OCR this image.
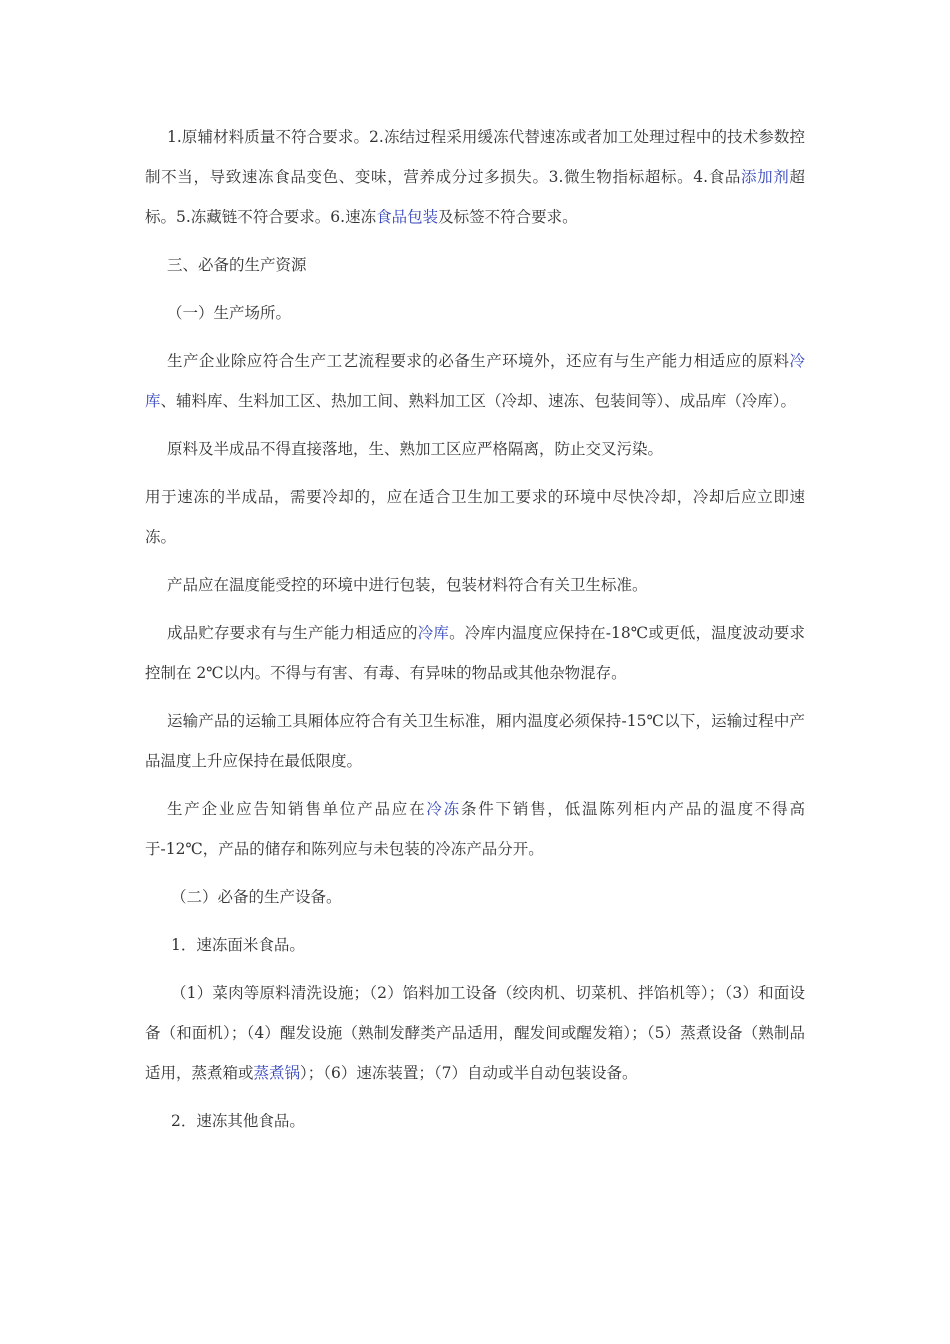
1.原辅材料质量不符合要求。2.冻结过程采用缓冻代替速冻或者加工处理过程中的技术参数控制不当，导致速冻食品变色、变味，营养成分过多损失。3.微生物指标超标。4.食品添加剂超标。5.冻藏链不符合要求。6.速冻食品包装及标签不符合要求。

三、必备的生产资源

（一）生产场所。

生产企业除应符合生产工艺流程要求的必备生产环境外，还应有与生产能力相适应的原料冷库、辅料库、生料加工区、热加工间、熟料加工区（冷却、速冻、包装间等）、成品库（冷库）。

原料及半成品不得直接落地，生、熟加工区应严格隔离，防止交叉污染。

用于速冻的半成品，需要冷却的，应在适合卫生加工要求的环境中尽快冷却，冷却后应立即速冻。

产品应在温度能受控的环境中进行包装，包装材料符合有关卫生标准。

成品贮存要求有与生产能力相适应的冷库。冷库内温度应保持在-18℃或更低，温度波动要求控制在 2℃以内。不得与有害、有毒、有异味的物品或其他杂物混存。

运输产品的运输工具厢体应符合有关卫生标准，厢内温度必须保持-15℃以下，运输过程中产品温度上升应保持在最低限度。

生产企业应告知销售单位产品应在冷冻条件下销售，低温陈列柜内产品的温度不得高于-12℃，产品的储存和陈列应与未包装的冷冻产品分开。

（二）必备的生产设备。

1．速冻面米食品。

（1）菜肉等原料清洗设施；（2）馅料加工设备（绞肉机、切菜机、拌馅机等）；（3）和面设备（和面机）；（4）醒发设施（熟制发酵类产品适用，醒发间或醒发箱）；（5）蒸煮设备（熟制品适用，蒸煮箱或蒸煮锅）；（6）速冻装置；（7）自动或半自动包装设备。

2．速冻其他食品。
